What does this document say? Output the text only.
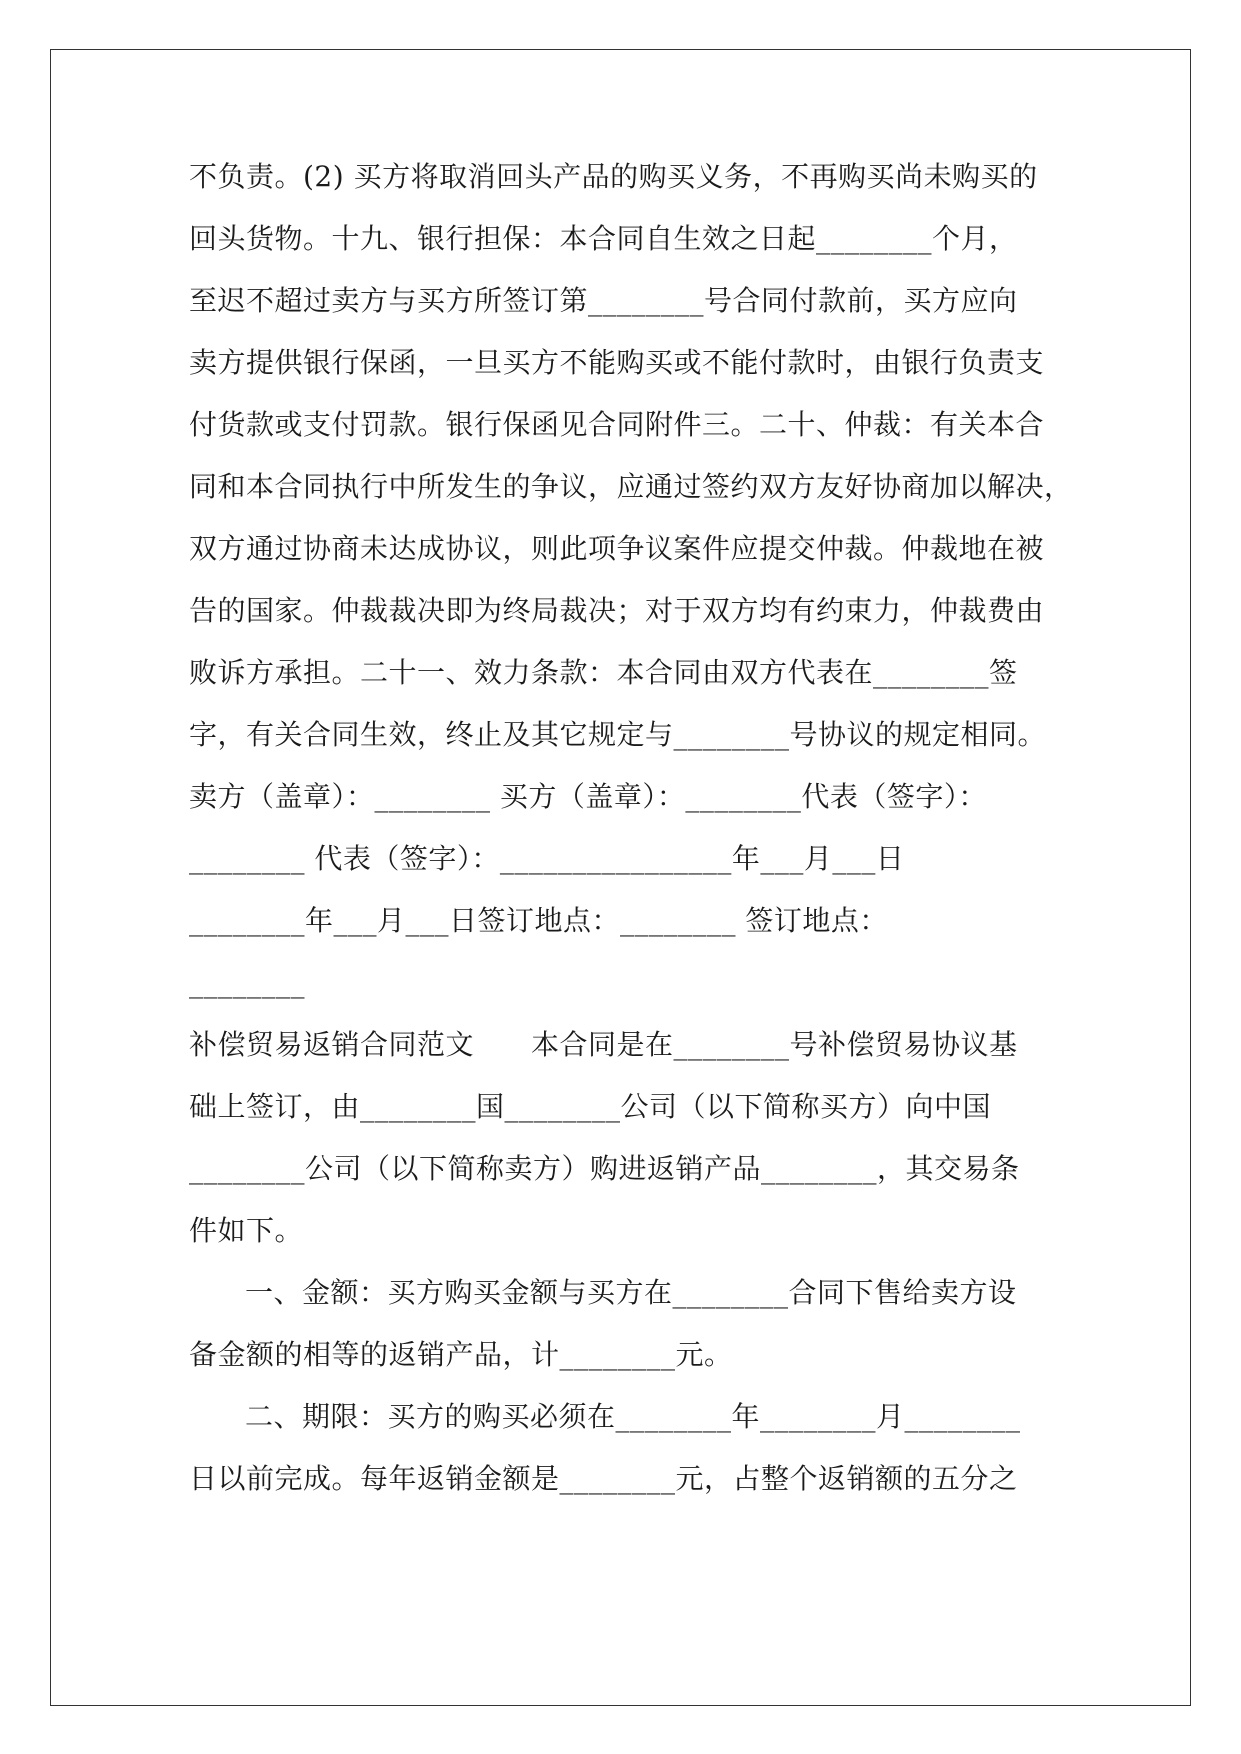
不负责。(2) 买方将取消回头产品的购买义务，不再购买尚未购买的
回头货物。十九、银行担保：本合同自生效之日起________个月，
至迟不超过卖方与买方所签订第________号合同付款前，买方应向
卖方提供银行保函，一旦买方不能购买或不能付款时，由银行负责支
付货款或支付罚款。银行保函见合同附件三。二十、仲裁：有关本合
同和本合同执行中所发生的争议，应通过签约双方友好协商加以解决，
双方通过协商未达成协议，则此项争议案件应提交仲裁。仲裁地在被
告的国家。仲裁裁决即为终局裁决；对于双方均有约束力，仲裁费由
败诉方承担。二十一、效力条款：本合同由双方代表在________签
字，有关合同生效，终止及其它规定与________号协议的规定相同。
卖方（盖章）：________ 买方（盖章）：________代表（签字）：
________ 代表（签字）：________________年___月___日
________年___月___日签订地点：________ 签订地点：
________
补偿贸易返销合同范文　　本合同是在________号补偿贸易协议基
础上签订，由________国________公司（以下简称买方）向中国
________公司（以下简称卖方）购进返销产品________，其交易条
件如下。
一、金额：买方购买金额与买方在________合同下售给卖方设
备金额的相等的返销产品，计________元。
二、期限：买方的购买必须在________年________月________
日以前完成。每年返销金额是________元，占整个返销额的五分之
